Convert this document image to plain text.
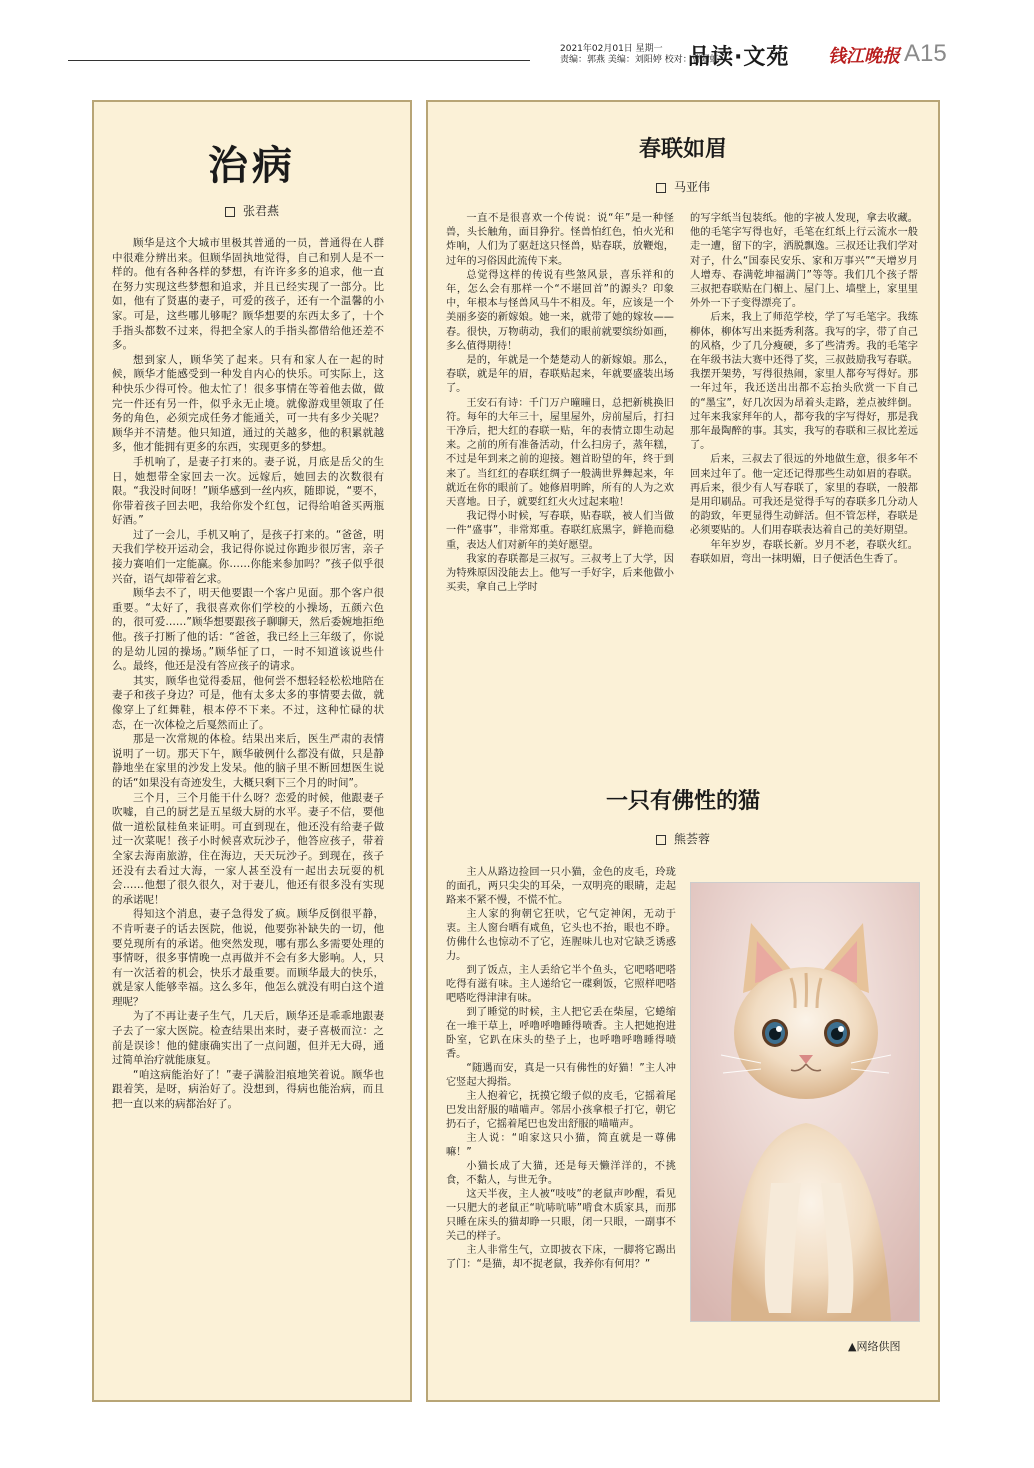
2021年02月01日 星期一
责编：郭燕 美编：刘阳婷 校对：曹阳虹
品读·文苑 钱江晚报 A15
治病
张君燕

顾华是这个大城市里极其普通的一员，普通得在人群中很难分辨出来。但顾华固执地觉得，自己和别人是不一样的。他有各种各样的梦想，有许许多多的追求，他一直在努力实现这些梦想和追求，并且已经实现了一部分。比如，他有了贤惠的妻子，可爱的孩子，还有一个温馨的小家。可是，这些哪儿够呢？顾华想要的东西太多了，十个手指头都数不过来，得把全家人的手指头都借给他还差不多。

想到家人，顾华笑了起来。只有和家人在一起的时候，顾华才能感受到一种发自内心的快乐。可实际上，这种快乐少得可怜。他太忙了！很多事情在等着他去做，做完一件还有另一件，似乎永无止境。就像游戏里领取了任务的角色，必须完成任务才能通关，可一共有多少关呢？顾华并不清楚。他只知道，通过的关越多，他的积累就越多，他才能拥有更多的东西，实现更多的梦想。

手机响了，是妻子打来的。妻子说，月底是岳父的生日，她想带全家回去一次。远嫁后，她回去的次数很有限。“我没时间呀！”顾华感到一丝内疚，随即说，“要不，你带着孩子回去吧，我给你发个红包，记得给咱爸买两瓶好酒。”

过了一会儿，手机又响了，是孩子打来的。“爸爸，明天我们学校开运动会，我记得你说过你跑步很厉害，亲子接力赛咱们一定能赢。你……你能来参加吗？”孩子似乎很兴奋，语气却带着乞求。

顾华去不了，明天他要跟一个客户见面。那个客户很重要。“太好了，我很喜欢你们学校的小操场，五颜六色的，很可爱……”顾华想要跟孩子聊聊天，然后委婉地拒绝他。孩子打断了他的话：“爸爸，我已经上三年级了，你说的是幼儿园的操场。”顾华怔了口，一时不知道该说些什么。最终，他还是没有答应孩子的请求。

其实，顾华也觉得委屈，他何尝不想轻轻松松地陪在妻子和孩子身边？可是，他有太多太多的事情要去做，就像穿上了红舞鞋，根本停不下来。不过，这种忙碌的状态，在一次体检之后戛然而止了。

那是一次常规的体检。结果出来后，医生严肃的表情说明了一切。那天下午，顾华破例什么都没有做，只是静静地坐在家里的沙发上发呆。他的脑子里不断回想医生说的话“如果没有奇迹发生，大概只剩下三个月的时间”。

三个月，三个月能干什么呀？恋爱的时候，他跟妻子吹嘘，自己的厨艺是五星级大厨的水平。妻子不信，要他做一道松鼠桂鱼来证明。可直到现在，他还没有给妻子做过一次菜呢！孩子小时候喜欢玩沙子，他答应孩子，带着全家去海南旅游，住在海边，天天玩沙子。到现在，孩子还没有去看过大海，一家人甚至没有一起出去玩耍的机会……他想了很久很久，对于妻儿，他还有很多没有实现的承诺呢！

得知这个消息，妻子急得发了疯。顾华反倒很平静，不肯听妻子的话去医院，他说，他要弥补缺失的一切，他要兑现所有的承诺。他突然发现，哪有那么多需要处理的事情呀，很多事情晚一点再做并不会有多大影响。人，只有一次活着的机会，快乐才最重要。而顾华最大的快乐，就是家人能够幸福。这么多年，他怎么就没有明白这个道理呢？

为了不再让妻子生气，几天后，顾华还是乖乖地跟妻子去了一家大医院。检查结果出来时，妻子喜极而泣：之前是误诊！他的健康确实出了一点问题，但并无大碍，通过简单治疗就能康复。

“咱这病能治好了！”妻子满脸泪痕地笑着说。顾华也跟着笑，是呀，病治好了。没想到，得病也能治病，而且把一直以来的病都治好了。

春联如眉
马亚伟

一直不是很喜欢一个传说：说“年”是一种怪兽，头长触角，面目狰狞。怪兽怕红色，怕火光和炸响，人们为了驱赶这只怪兽，贴春联，放鞭炮，过年的习俗因此流传下来。

总觉得这样的传说有些煞风景，喜乐祥和的年，怎么会有那样一个“不堪回首”的源头？印象中，年根本与怪兽风马牛不相及。年，应该是一个美丽多姿的新嫁娘。她一来，就带了她的嫁妆——春。很快，万物萌动，我们的眼前就要缤纷如画，多么值得期待！

是的，年就是一个楚楚动人的新嫁娘。那么，春联，就是年的眉，春联贴起来，年就要盛装出场了。

王安石有诗：千门万户曈曈日，总把新桃换旧符。每年的大年三十，屋里屋外，房前屋后，打扫干净后，把大红的春联一贴，年的表情立即生动起来。之前的所有准备活动，什么扫房子，蒸年糕，不过是年到来之前的迎接。翘首盼望的年，终于到来了。当红红的春联红绸子一般满世界舞起来，年就近在你的眼前了。她修眉明眸，所有的人为之欢天喜地。日子，就要红红火火过起来啦！

我记得小时候，写春联，贴春联，被人们当做一件“盛事”，非常郑重。春联红底黑字，鲜艳而稳重，表达人们对新年的美好愿望。

我家的春联都是三叔写。三叔考上了大学，因为特殊原因没能去上。他写一手好字，后来他做小买卖，拿自己上学时

的写字纸当包装纸。他的字被人发现，拿去收藏。他的毛笔字写得也好，毛笔在红纸上行云流水一般走一遭，留下的字，洒脱飘逸。三叔还让我们学对对子，什么“国泰民安乐、家和万事兴”“天增岁月人增寿、春满乾坤福满门”等等。我们几个孩子帮三叔把春联贴在门楣上、屋门上、墙壁上，家里里外外一下子变得漂亮了。

后来，我上了师范学校，学了写毛笔字。我练柳体，柳体写出来挺秀利落。我写的字，带了自己的风格，少了几分瘦硬，多了些清秀。我的毛笔字在年级书法大赛中还得了奖，三叔鼓励我写春联。我摆开架势，写得很热闹，家里人都夸写得好。那一年过年，我还送出出都不忘抬头欣赏一下自己的“墨宝”，好几次因为昂着头走路，差点被绊倒。过年来我家拜年的人，都夸我的字写得好，那是我那年最陶醉的事。其实，我写的春联和三叔比差远了。

后来，三叔去了很远的外地做生意，很多年不回来过年了。他一定还记得那些生动如眉的春联。再后来，很少有人写春联了，家里的春联，一般都是用印刷品。可我还是觉得手写的春联多几分动人的韵致，年更显得生动鲜活。但不管怎样，春联是必须要贴的。人们用春联表达着自己的美好期望。

年年岁岁，春联长新。岁月不老，春联火红。春联如眉，弯出一抹明媚，日子便活色生香了。

一只有佛性的猫
熊荟蓉

主人从路边捡回一只小猫，金色的皮毛，玲珑的面孔，两只尖尖的耳朵，一双明亮的眼睛，走起路来不紧不慢，不慌不忙。

主人家的狗朝它狂吠，它气定神闲，无动于衷。主人窗台晒有咸鱼，它头也不抬，眼也不睁。仿佛什么也惊动不了它，连腥味儿也对它缺乏诱惑力。

到了饭点，主人丢给它半个鱼头，它吧嗒吧嗒吃得有滋有味。主人递给它一碟剩饭，它照样吧嗒吧嗒吃得津津有味。

到了睡觉的时候，主人把它丢在柴屋，它蜷缩在一堆干草上，呼噜呼噜睡得喷香。主人把她抱进卧室，它趴在床头的垫子上，也呼噜呼噜睡得喷香。

“随遇而安，真是一只有佛性的好猫！”主人冲它竖起大拇指。

主人抱着它，抚摸它缎子似的皮毛，它摇着尾巴发出舒服的喵喵声。邻居小孩拿根子打它，朝它扔石子，它摇着尾巴也发出舒服的喵喵声。

主人说：“咱家这只小猫，简直就是一尊佛嘛！”

小猫长成了大猫，还是每天懒洋洋的，不挑食，不黏人，与世无争。

这天半夜，主人被“吱吱”的老鼠声吵醒，看见一只肥大的老鼠正“吭哧吭哧”啃食木质家具，而那只睡在床头的猫却睁一只眼，闭一只眼，一副事不关己的样子。

主人非常生气，立即披衣下床，一脚将它踢出了门：“是猫，却不捉老鼠，我养你有何用？”

▲网络供图
